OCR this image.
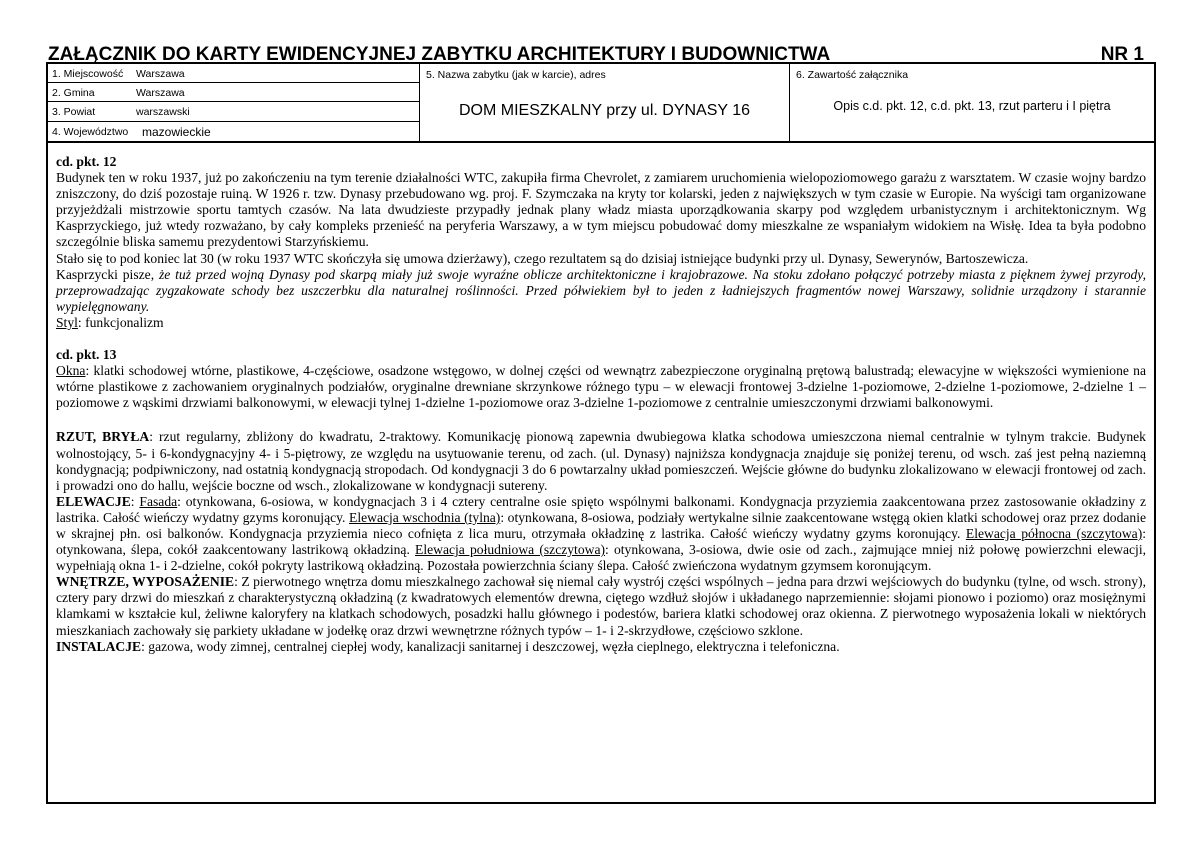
ZAŁĄCZNIK DO KARTY EWIDENCYJNEJ ZABYTKU ARCHITEKTURY I BUDOWNICTWA	NR 1
1. Miejscowość Warszawa
2. Gmina	Warszawa
3. Powiat	warszawski
4. Województwo mazowieckie
5. Nazwa zabytku (jak w karcie), adres
DOM MIESZKALNY przy ul. DYNASY 16
6. Zawartość załącznika
Opis c.d. pkt. 12, c.d. pkt. 13, rzut parteru i I piętra

cd. pkt. 12

Budynek ten w roku 1937, już po zakończeniu na tym terenie działalności WTC, zakupiła firma Chevrolet, z zamiarem uruchomienia wielopoziomowego garażu z warsztatem. W czasie wojny bardzo zniszczony, do dziś pozostaje ruiną. W 1926 r. tzw. Dynasy przebudowano wg. proj. F. Szymczaka na kryty tor kolarski, jeden z największych w tym czasie w Europie. Na wyścigi tam organizowane przyjeżdżali mistrzowie sportu tamtych czasów. Na lata dwudzieste przypadły jednak plany władz miasta uporządkowania skarpy pod względem urbanistycznym i architektonicznym. Wg Kasprzyckiego, już wtedy rozważano, by cały kompleks przenieść na peryferia Warszawy, a w tym miejscu pobudować domy mieszkalne ze wspaniałym widokiem na Wisłę. Idea ta była podobno szczególnie bliska samemu prezydentowi Starzyńskiemu.

Stało się to pod koniec lat 30 (w roku 1937 WTC skończyła się umowa dzierżawy), czego rezultatem są do dzisiaj istniejące budynki przy ul. Dynasy, Sewerynów, Bartoszewicza.

Kasprzycki pisze, że tuż przed wojną Dynasy pod skarpą miały już swoje wyraźne oblicze architektoniczne i krajobrazowe. Na stoku zdołano połączyć potrzeby miasta z pięknem żywej przyrody, przeprowadzając zygzakowate schody bez uszczerbku dla naturalnej roślinności. Przed półwiekiem był to jeden z ładniejszych fragmentów nowej Warszawy, solidnie urządzony i starannie wypielęgnowany.

Styl: funkcjonalizm

cd. pkt. 13

Okna: klatki schodowej wtórne, plastikowe, 4-częściowe, osadzone wstęgowo, w dolnej części od wewnątrz zabezpieczone oryginalną prętową balustradą; elewacyjne w większości wymienione na wtórne plastikowe z zachowaniem oryginalnych podziałów, oryginalne drewniane skrzynkowe różnego typu – w elewacji frontowej 3-dzielne 1-poziomowe, 2-dzielne 1-poziomowe, 2-dzielne 1 –poziomowe z wąskimi drzwiami balkonowymi, w elewacji tylnej 1-dzielne 1-poziomowe oraz 3-dzielne 1-poziomowe z centralnie umieszczonymi drzwiami balkonowymi.

RZUT, BRYŁA: rzut regularny, zbliżony do kwadratu, 2-traktowy. Komunikację pionową zapewnia dwubiegowa klatka schodowa umieszczona niemal centralnie w tylnym trakcie. Budynek wolnostojący, 5- i 6-kondygnacyjny 4- i 5-piętrowy, ze względu na usytuowanie terenu, od zach. (ul. Dynasy) najniższa kondygnacja znajduje się poniżej terenu, od wsch. zaś jest pełną naziemną kondygnacją; podpiwniczony, nad ostatnią kondygnacją stropodach. Od kondygnacji 3 do 6 powtarzalny układ pomieszczeń. Wejście główne do budynku zlokalizowano w elewacji frontowej od zach. i prowadzi ono do hallu, wejście boczne od wsch., zlokalizowane w kondygnacji sutereny.

ELEWACJE: Fasada: otynkowana, 6-osiowa, w kondygnacjach 3 i 4 cztery centralne osie spięto wspólnymi balkonami. Kondygnacja przyziemia zaakcentowana przez zastosowanie okładziny z lastrika. Całość wieńczy wydatny gzyms koronujący. Elewacja wschodnia (tylna): otynkowana, 8-osiowa, podziały wertykalne silnie zaakcentowane wstęgą okien klatki schodowej oraz przez dodanie w skrajnej płn. osi balkonów. Kondygnacja przyziemia nieco cofnięta z lica muru, otrzymała okładzinę z lastrika. Całość wieńczy wydatny gzyms koronujący. Elewacja północna (szczytowa): otynkowana, ślepa, cokół zaakcentowany lastrikową okładziną. Elewacja południowa (szczytowa): otynkowana, 3-osiowa, dwie osie od zach., zajmujące mniej niż połowę powierzchni elewacji, wypełniają okna 1- i 2-dzielne, cokół pokryty lastrikową okładziną. Pozostała powierzchnia ściany ślepa. Całość zwieńczona wydatnym gzymsem koronującym.

WNĘTRZE, WYPOSAŻENIE: Z pierwotnego wnętrza domu mieszkalnego zachował się niemal cały wystrój części wspólnych – jedna para drzwi wejściowych do budynku (tylne, od wsch. strony), cztery pary drzwi do mieszkań z charakterystyczną okładziną (z kwadratowych elementów drewna, ciętego wzdłuż słojów i układanego naprzemiennie: słojami pionowo i poziomo) oraz mosiężnymi klamkami w kształcie kul, żeliwne kaloryfery na klatkach schodowych, posadzki hallu głównego i podestów, bariera klatki schodowej oraz okienna. Z pierwotnego wyposażenia lokali w niektórych mieszkaniach zachowały się parkiety układane w jodełkę oraz drzwi wewnętrzne różnych typów – 1- i 2-skrzydłowe, częściowo szklone.

INSTALACJE: gazowa, wody zimnej, centralnej ciepłej wody, kanalizacji sanitarnej i deszczowej, węzła cieplnego, elektryczna i telefoniczna.
